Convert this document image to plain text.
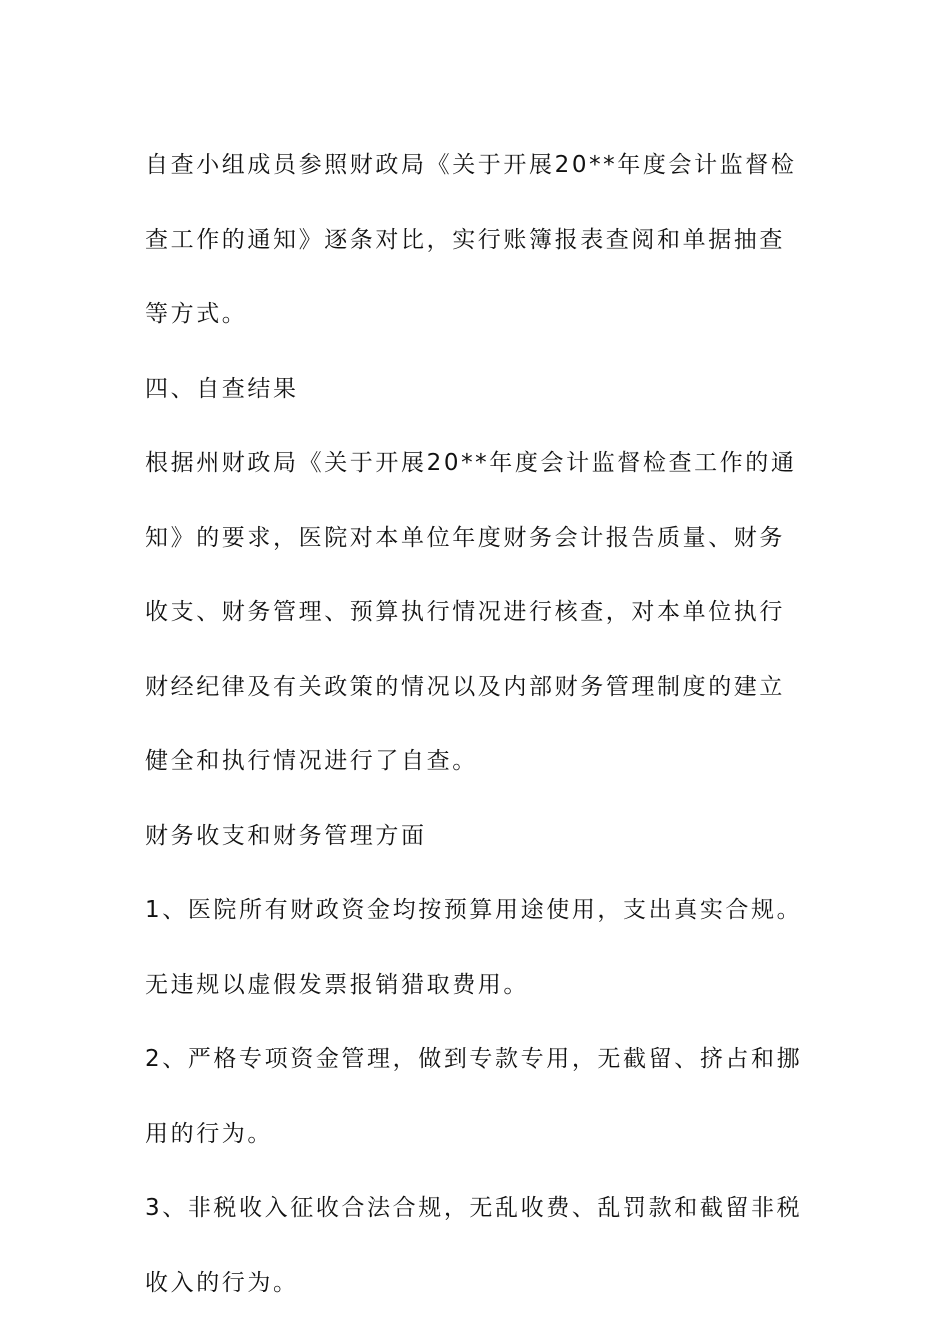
自查小组成员参照财政局《关于开展20**年度会计监督检查工作的通知》逐条对比，实行账簿报表查阅和单据抽查等方式。

四、自查结果

根据州财政局《关于开展20**年度会计监督检查工作的通知》的要求，医院对本单位年度财务会计报告质量、财务收支、财务管理、预算执行情况进行核查，对本单位执行财经纪律及有关政策的情况以及内部财务管理制度的建立健全和执行情况进行了自查。

财务收支和财务管理方面

1、医院所有财政资金均按预算用途使用，支出真实合规。无违规以虚假发票报销猎取费用。

2、严格专项资金管理，做到专款专用，无截留、挤占和挪用的行为。

3、非税收入征收合法合规，无乱收费、乱罚款和截留非税收入的行为。
